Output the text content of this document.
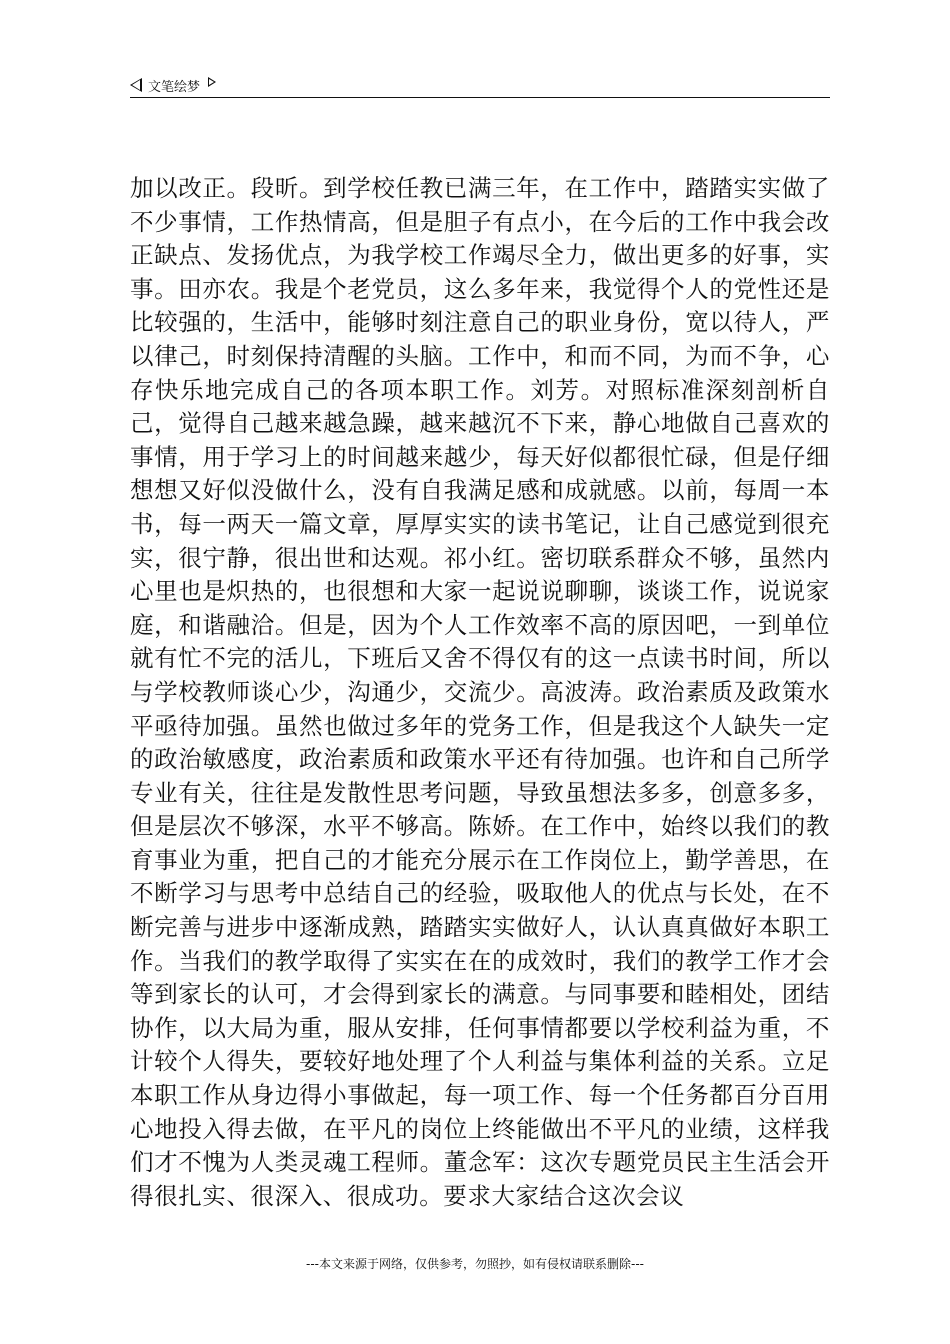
文笔绘梦

加以改正。段昕。到学校任教已满三年，在工作中，踏踏实实做了不少事情，工作热情高，但是胆子有点小，在今后的工作中我会改正缺点、发扬优点，为我学校工作竭尽全力，做出更多的好事，实事。田亦农。我是个老党员，这么多年来，我觉得个人的党性还是比较强的，生活中，能够时刻注意自己的职业身份，宽以待人，严以律己，时刻保持清醒的头脑。工作中，和而不同，为而不争，心存快乐地完成自己的各项本职工作。刘芳。对照标准深刻剖析自己，觉得自己越来越急躁，越来越沉不下来，静心地做自己喜欢的事情，用于学习上的时间越来越少，每天好似都很忙碌，但是仔细想想又好似没做什么，没有自我满足感和成就感。以前，每周一本书，每一两天一篇文章，厚厚实实的读书笔记，让自己感觉到很充实，很宁静，很出世和达观。祁小红。密切联系群众不够，虽然内心里也是炽热的，也很想和大家一起说说聊聊，谈谈工作，说说家庭，和谐融洽。但是，因为个人工作效率不高的原因吧，一到单位就有忙不完的活儿，下班后又舍不得仅有的这一点读书时间，所以与学校教师谈心少，沟通少，交流少。高波涛。政治素质及政策水平亟待加强。虽然也做过多年的党务工作，但是我这个人缺失一定的政治敏感度，政治素质和政策水平还有待加强。也许和自己所学专业有关，往往是发散性思考问题，导致虽想法多多，创意多多，但是层次不够深，水平不够高。陈娇。在工作中，始终以我们的教育事业为重，把自己的才能充分展示在工作岗位上，勤学善思，在不断学习与思考中总结自己的经验，吸取他人的优点与长处，在不断完善与进步中逐渐成熟，踏踏实实做好人，认认真真做好本职工作。当我们的教学取得了实实在在的成效时，我们的教学工作才会等到家长的认可，才会得到家长的满意。与同事要和睦相处，团结协作，以大局为重，服从安排，任何事情都要以学校利益为重，不计较个人得失，要较好地处理了个人利益与集体利益的关系。立足本职工作从身边得小事做起，每一项工作、每一个任务都百分百用心地投入得去做，在平凡的岗位上终能做出不平凡的业绩，这样我们才不愧为人类灵魂工程师。董念军：这次专题党员民主生活会开得很扎实、很深入、很成功。要求大家结合这次会议

---本文来源于网络，仅供参考，勿照抄，如有侵权请联系删除---
